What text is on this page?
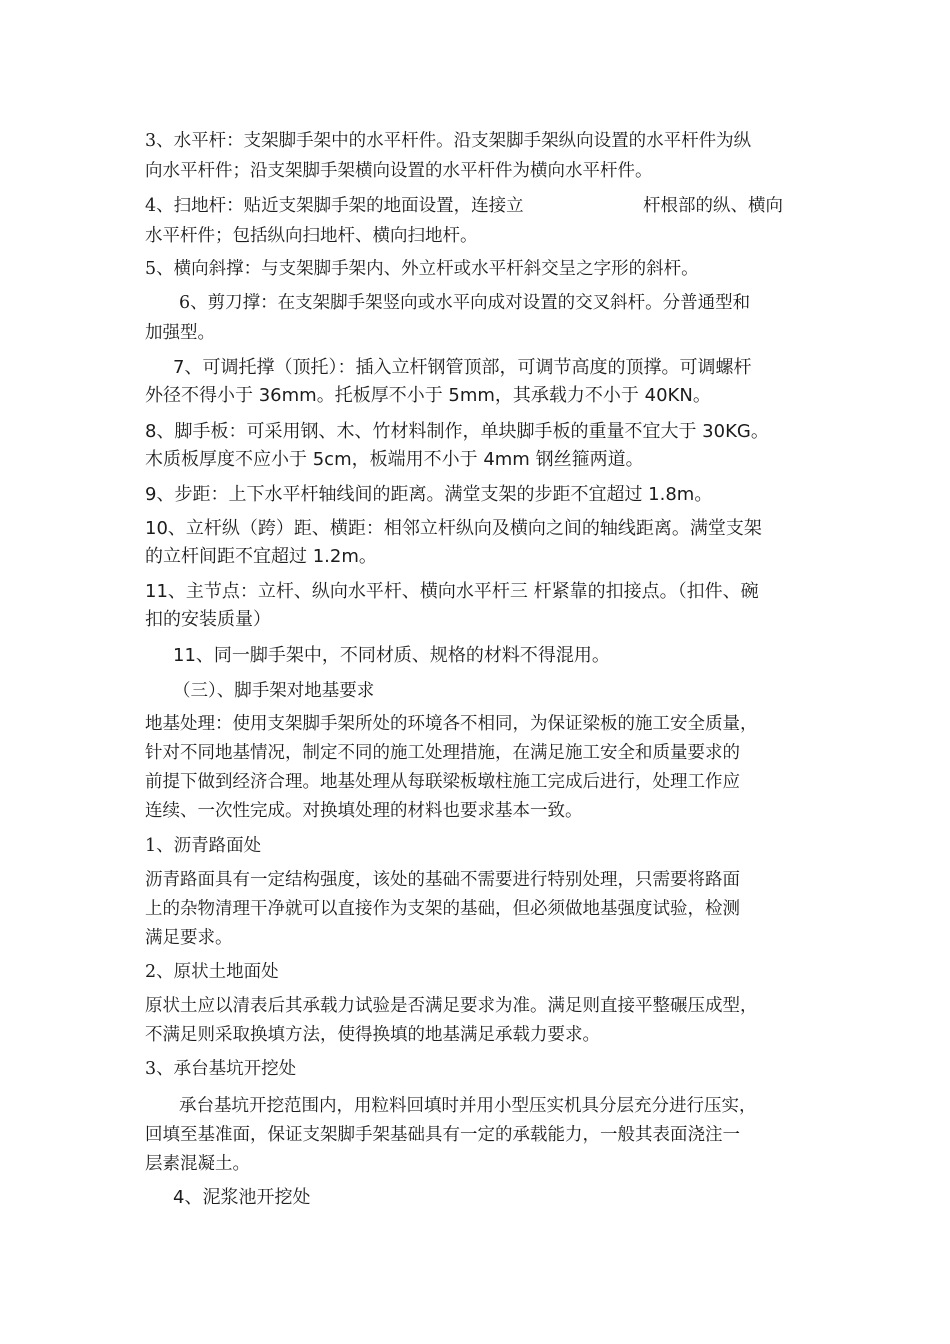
3、水平杆：支架脚手架中的水平杆件。沿支架脚手架纵向设置的水平杆件为纵
向水平杆件；沿支架脚手架横向设置的水平杆件为横向水平杆件。
4、扫地杆：贴近支架脚手架的地面设置，连接立	杆根部的纵、横向
水平杆件；包括纵向扫地杆、横向扫地杆。
5、横向斜撑：与支架脚手架内、外立杆或水平杆斜交呈之字形的斜杆。
6、剪刀撑：在支架脚手架竖向或水平向成对设置的交叉斜杆。分普通型和
加强型。
7、可调托撑（顶托）：插入立杆钢管顶部，可调节高度的顶撑。可调螺杆
外径不得小于 36mm。托板厚不小于 5mm，其承载力不小于 40KN。
8、脚手板：可采用钢、木、竹材料制作，单块脚手板的重量不宜大于 30KG。
木质板厚度不应小于 5cm，板端用不小于 4mm 钢丝箍两道。
9、步距：上下水平杆轴线间的距离。满堂支架的步距不宜超过 1.8m。
10、立杆纵（跨）距、横距：相邻立杆纵向及横向之间的轴线距离。满堂支架
的立杆间距不宜超过 1.2m。
11、主节点：立杆、纵向水平杆、横向水平杆三 杆紧靠的扣接点。（扣件、碗
扣的安装质量）
11、同一脚手架中，不同材质、规格的材料不得混用。
（三）、脚手架对地基要求
地基处理：使用支架脚手架所处的环境各不相同，为保证梁板的施工安全质量，
针对不同地基情况，制定不同的施工处理措施，在满足施工安全和质量要求的
前提下做到经济合理。地基处理从每联梁板墩柱施工完成后进行，处理工作应
连续、一次性完成。对换填处理的材料也要求基本一致。
1、沥青路面处
沥青路面具有一定结构强度，该处的基础不需要进行特别处理，只需要将路面
上的杂物清理干净就可以直接作为支架的基础，但必须做地基强度试验，检测
满足要求。
2、原状土地面处
原状土应以清表后其承载力试验是否满足要求为准。满足则直接平整碾压成型，
不满足则采取换填方法，使得换填的地基满足承载力要求。
3、承台基坑开挖处
承台基坑开挖范围内，用粒料回填时并用小型压实机具分层充分进行压实，
回填至基准面，保证支架脚手架基础具有一定的承载能力，一般其表面浇注一
层素混凝土。
4、泥浆池开挖处
